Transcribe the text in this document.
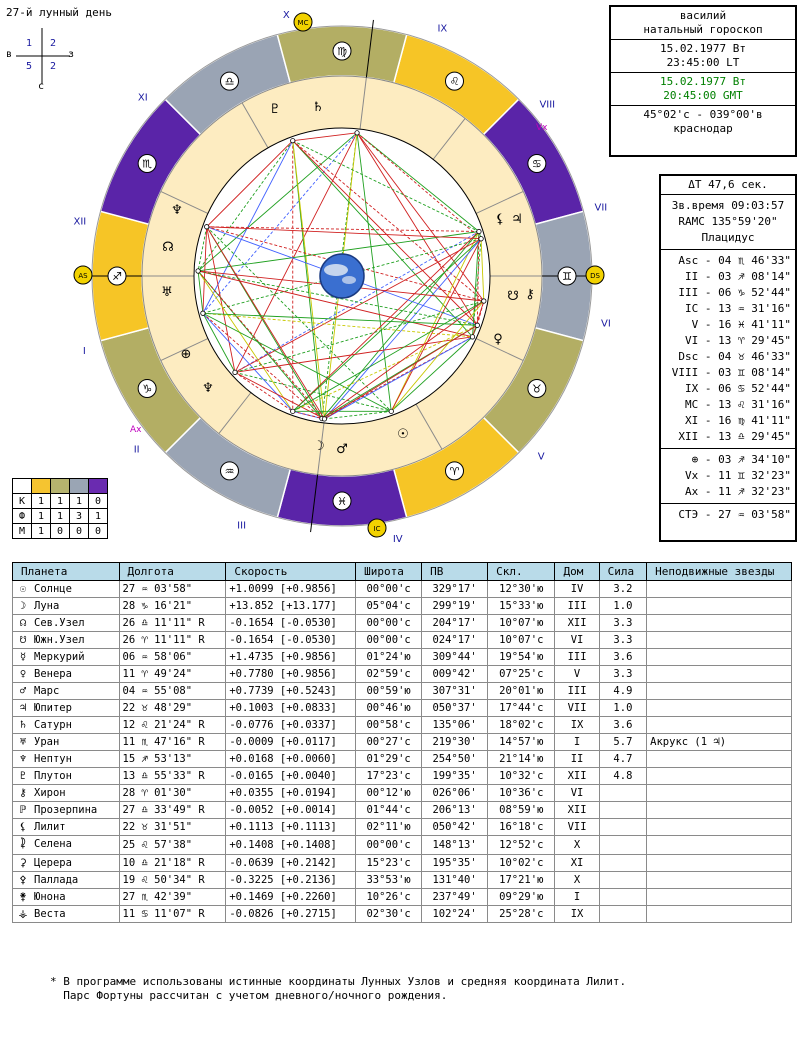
27-й лунный день
в	з
с
1 2
5 2
I
II
III
IV
V
VI
VII
VIII
IX
X
XI
XII
♌
♋
♊
♉
♈
♓
♒
♑
♐
♏
♎
♍
♄
♇
♃
⚸
♆
☊
♅
⊕
♆
☽ ♂
☉
⚷
♀
☋
MC
IC
AS	DS
Vx
Ax
василий
натальный гороскоп
15.02.1977 Вт
23:45:00 LT
15.02.1977 Вт
20:45:00 GMT
45°02'с - 039°00'в
краснодар
ΔT 47,6 сек.
Зв.время 09:03:57
RAMC 135°59'20"
Плацидус
Asc - 04 ♏ 46'33"
II - 03 ♐ 08'14"
III - 06 ♑ 52'44"
IC - 13 ♒ 31'16"
V - 16 ♓ 41'11"
VI - 13 ♈ 29'45"
Dsc - 04 ♉ 46'33"
VIII - 03 ♊ 08'14"
IX - 06 ♋ 52'44"
MC - 13 ♌ 31'16"
XI - 16 ♍ 41'11"
XII - 13 ♎ 29'45"
⊕ - 03 ♐ 34'10"
Vx - 11 ♊ 32'23"
Ax - 11 ♐ 32'23"
СТЭ - 27 ♒ 03'58"

К	1	1	1	0
Ф	1	1	3	1
М	1	0	0	0
Планета	Долгота	Скорость	Широта	ПВ	Скл.	Дом	Сила	Неподвижные звезды
☉ Солнце	27 ♒ 03'58"	+1.0099 [+0.9856]	00°00'с	329°17'	12°30'ю	IV	3.2	
☽ Луна	28 ♑ 16'21"	+13.852 [+13.177]	05°04'с	299°19'	15°33'ю	III	1.0	
☊ Сев.Узел	26 ♎ 11'11" R	-0.1654 [-0.0530]	00°00'с	204°17'	10°07'ю	XII	3.3	
☋ Южн.Узел	26 ♈ 11'11" R	-0.1654 [-0.0530]	00°00'с	024°17'	10°07'с	VI	3.3	
☿ Меркурий	06 ♒ 58'06"	+1.4735 [+0.9856]	01°24'ю	309°44'	19°54'ю	III	3.6	
♀ Венера	11 ♈ 49'24"	+0.7780 [+0.9856]	02°59'с	009°42'	07°25'с	V	3.3	
♂ Марс	04 ♒ 55'08"	+0.7739 [+0.5243]	00°59'ю	307°31'	20°01'ю	III	4.9	
♃ Юпитер	22 ♉ 48'29"	+0.1003 [+0.0833]	00°46'ю	050°37'	17°44'с	VII	1.0	
♄ Сатурн	12 ♌ 21'24" R	-0.0776 [+0.0337]	00°58'с	135°06'	18°02'с	IX	3.6	
♅ Уран	11 ♏ 47'16" R	-0.0009 [+0.0117]	00°27'с	219°30'	14°57'ю	I	5.7	Акрукс (1 ♃)
♆ Нептун	15 ♐ 53'13"	+0.0168 [+0.0060]	01°29'с	254°50'	21°14'ю	II	4.7	
♇ Плутон	13 ♎ 55'33" R	-0.0165 [+0.0040]	17°23'с	199°35'	10°32'с	XII	4.8	
⚷ Хирон	28 ♈ 01'30"	+0.0355 [+0.0194]	00°12'ю	026°06'	10°36'с	VI		
ℙ Прозерпина	27 ♎ 33'49" R	-0.0052 [+0.0014]	01°44'с	206°13'	08°59'ю	XII		
⚸ Лилит	22 ♉ 31'51"	+0.1113 [+0.1113]	02°11'ю	050°42'	16°18'с	VII		
⯝ Селена	25 ♌ 57'38"	+0.1408 [+0.1408]	00°00'с	148°13'	12°52'с	X		
⚳ Церера	10 ♎ 21'18" R	-0.0639 [+0.2142]	15°23'с	195°35'	10°02'с	XI		
⚴ Паллада	19 ♌ 50'34" R	-0.3225 [+0.2136]	33°53'ю	131°40'	17°21'ю	X		
⚵ Юнона	27 ♏ 42'39"	+0.1469 [+0.2260]	10°26'с	237°49'	09°29'ю	I		
⚶ Веста	11 ♋ 11'07" R	-0.0826 [+0.2715]	02°30'с	102°24'	25°28'с	IX		
* В программе использованы истинные координаты Лунных Узлов и средняя координата Лилит.
Парс Фортуны рассчитан с учетом дневного/ночного рождения.
